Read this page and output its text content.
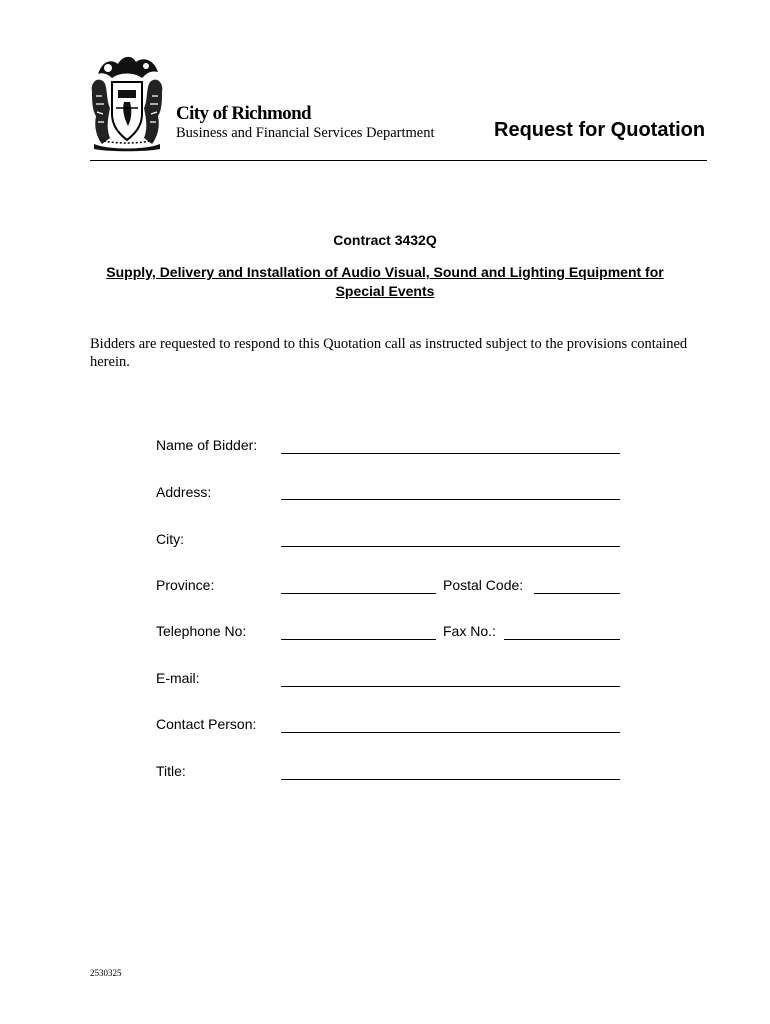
City of Richmond
Business and Financial Services Department	Request for Quotation
Contract 3432Q
Supply, Delivery and Installation of Audio Visual, Sound and Lighting Equipment for Special Events
Bidders are requested to respond to this Quotation call as instructed subject to the provisions contained herein.
Name of Bidder:
Address:
City:
Province:	Postal Code:
Telephone No:	Fax No.:
E-mail:
Contact Person:
Title:
2530325
